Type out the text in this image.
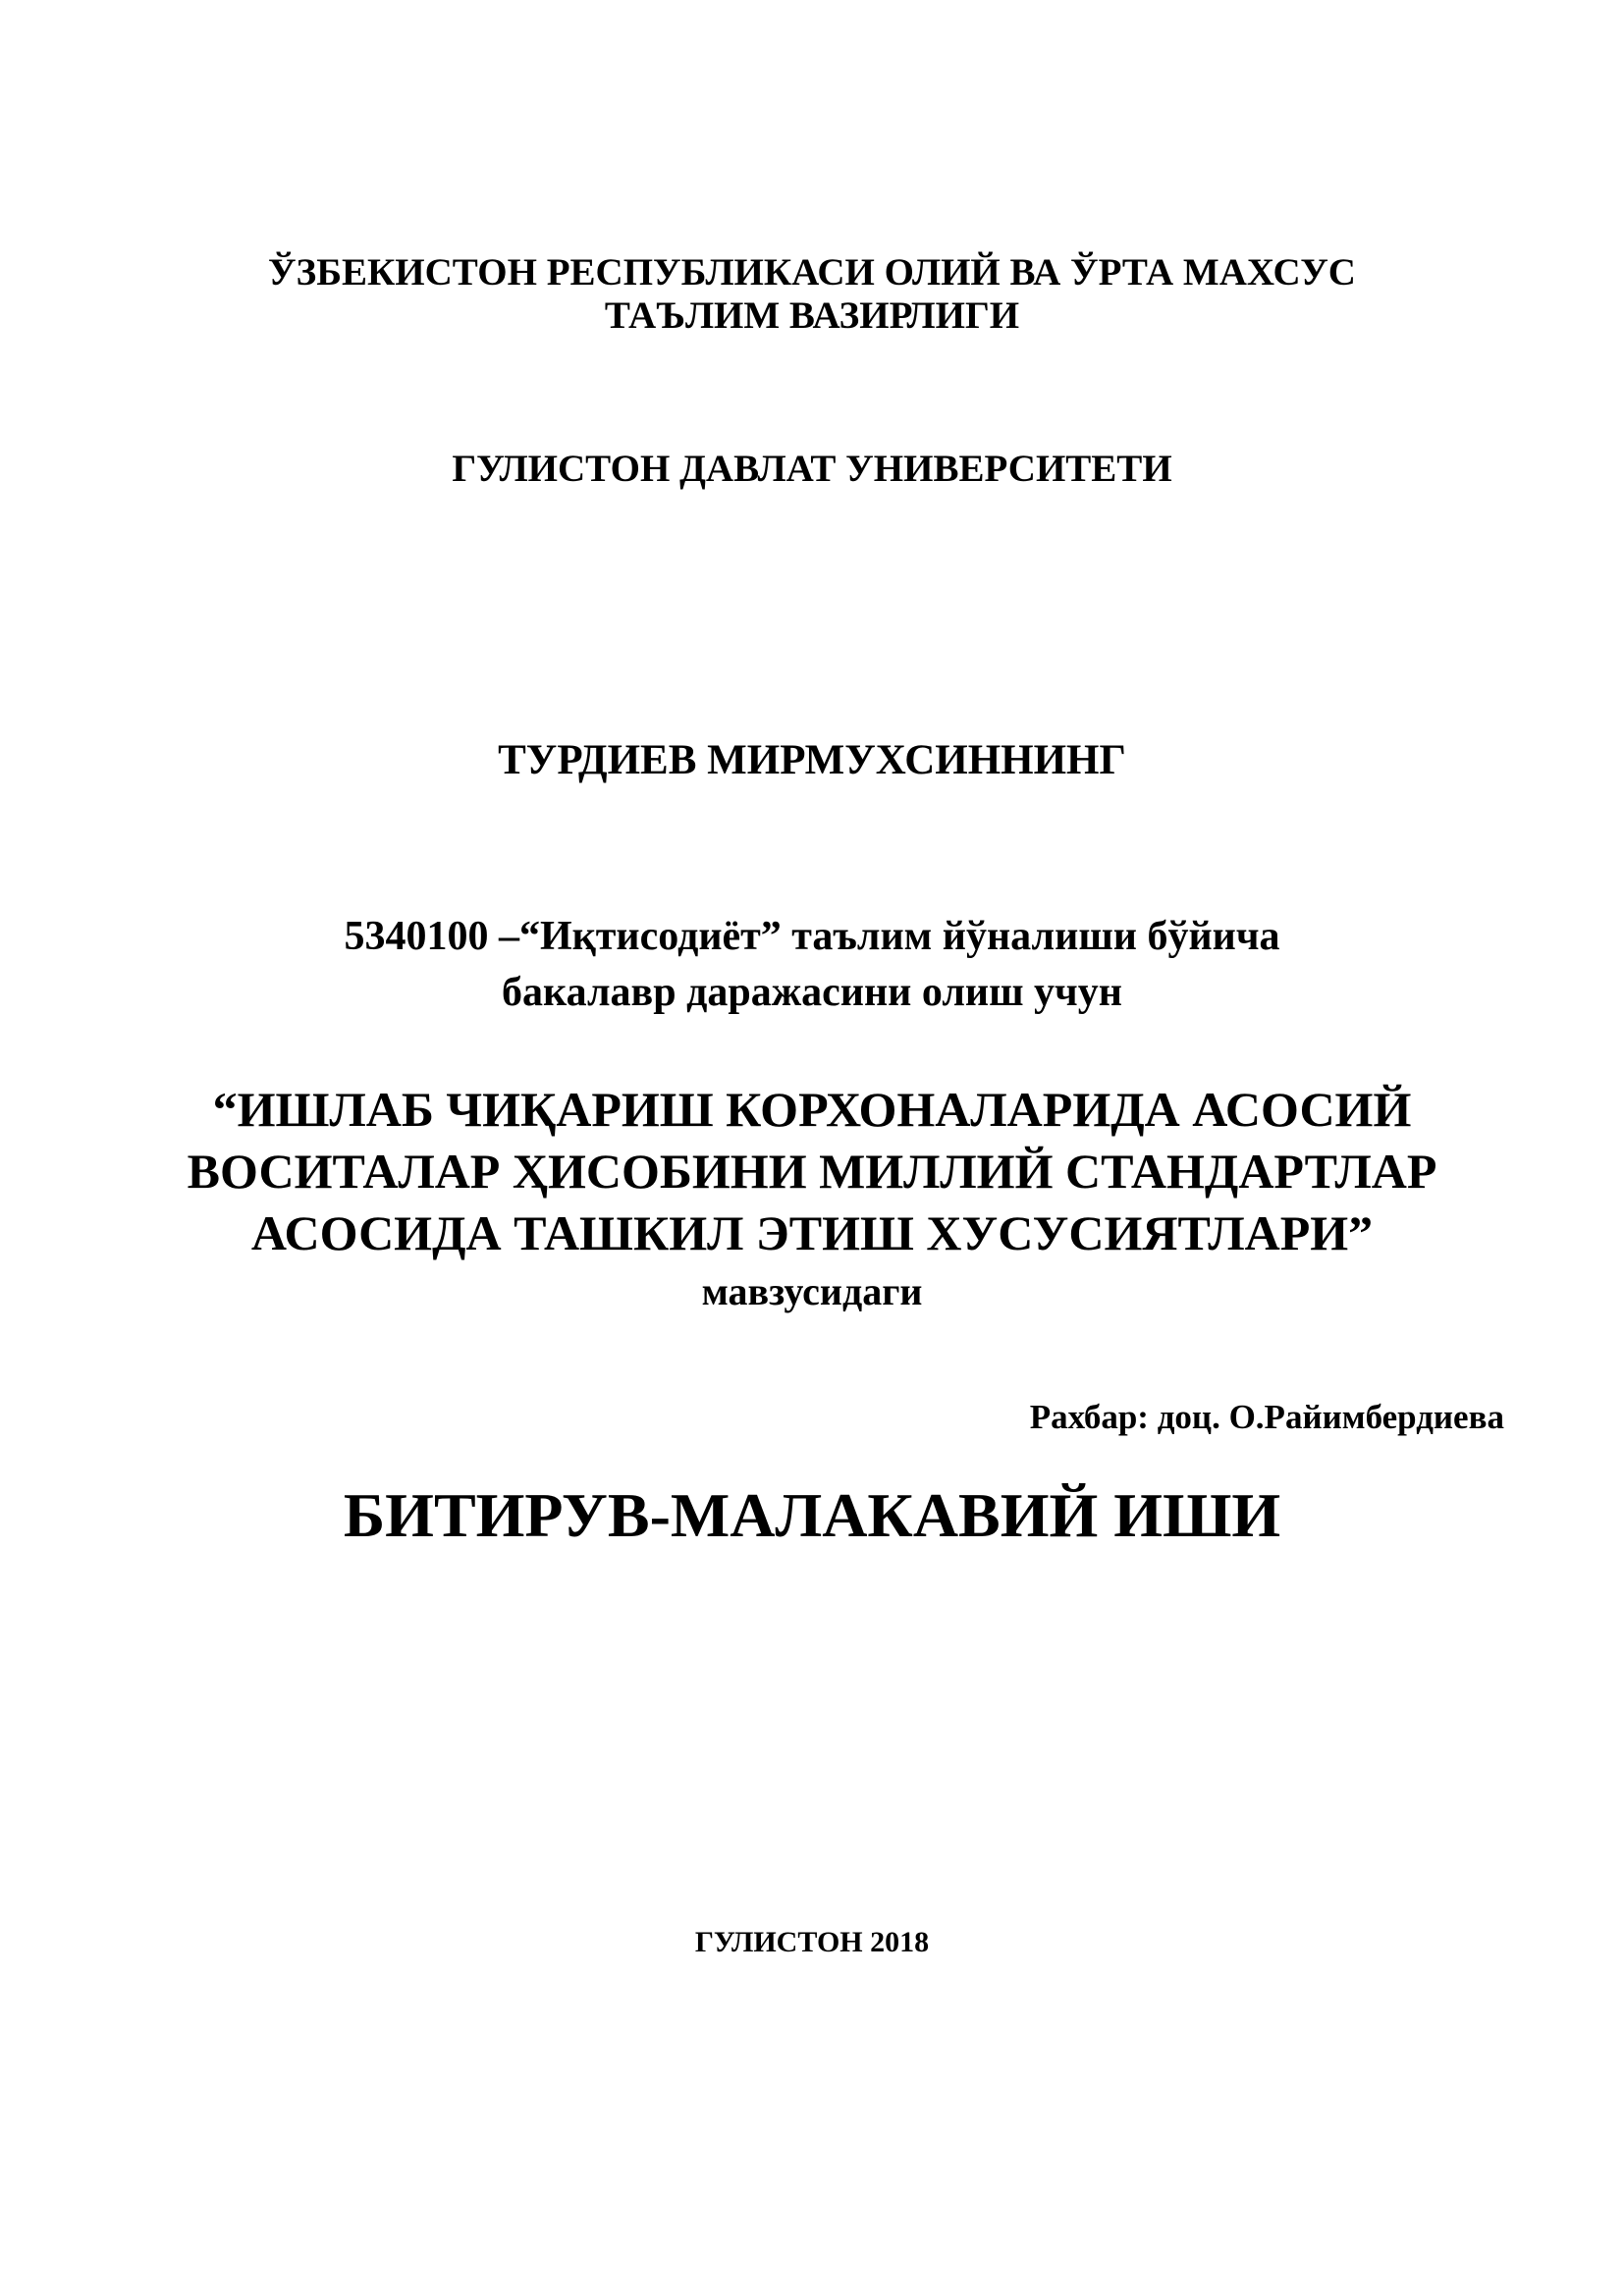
ЎЗБЕКИСТОН РЕСПУБЛИКАСИ ОЛИЙ ВА ЎРТА МАХСУС
ТАЪЛИМ ВАЗИРЛИГИ
ГУЛИСТОН ДАВЛАТ УНИВЕРСИТЕТИ
ТУРДИЕВ МИРМУХСИННИНГ
5340100 –“Иқтисодиёт” таълим йўналиши бўйича
бакалавр даражасини олиш учун
“ИШЛАБ ЧИҚАРИШ КОРХОНАЛАРИДА АСОСИЙ
ВОСИТАЛАР ҲИСОБИНИ МИЛЛИЙ СТАНДАРТЛАР
АСОСИДА ТАШКИЛ ЭТИШ ХУСУСИЯТЛАРИ”
мавзусидаги
БИТИРУВ-МАЛАКАВИЙ ИШИ
Рахбар: доц. О.Райимбердиева
ГУЛИСТОН 2018
